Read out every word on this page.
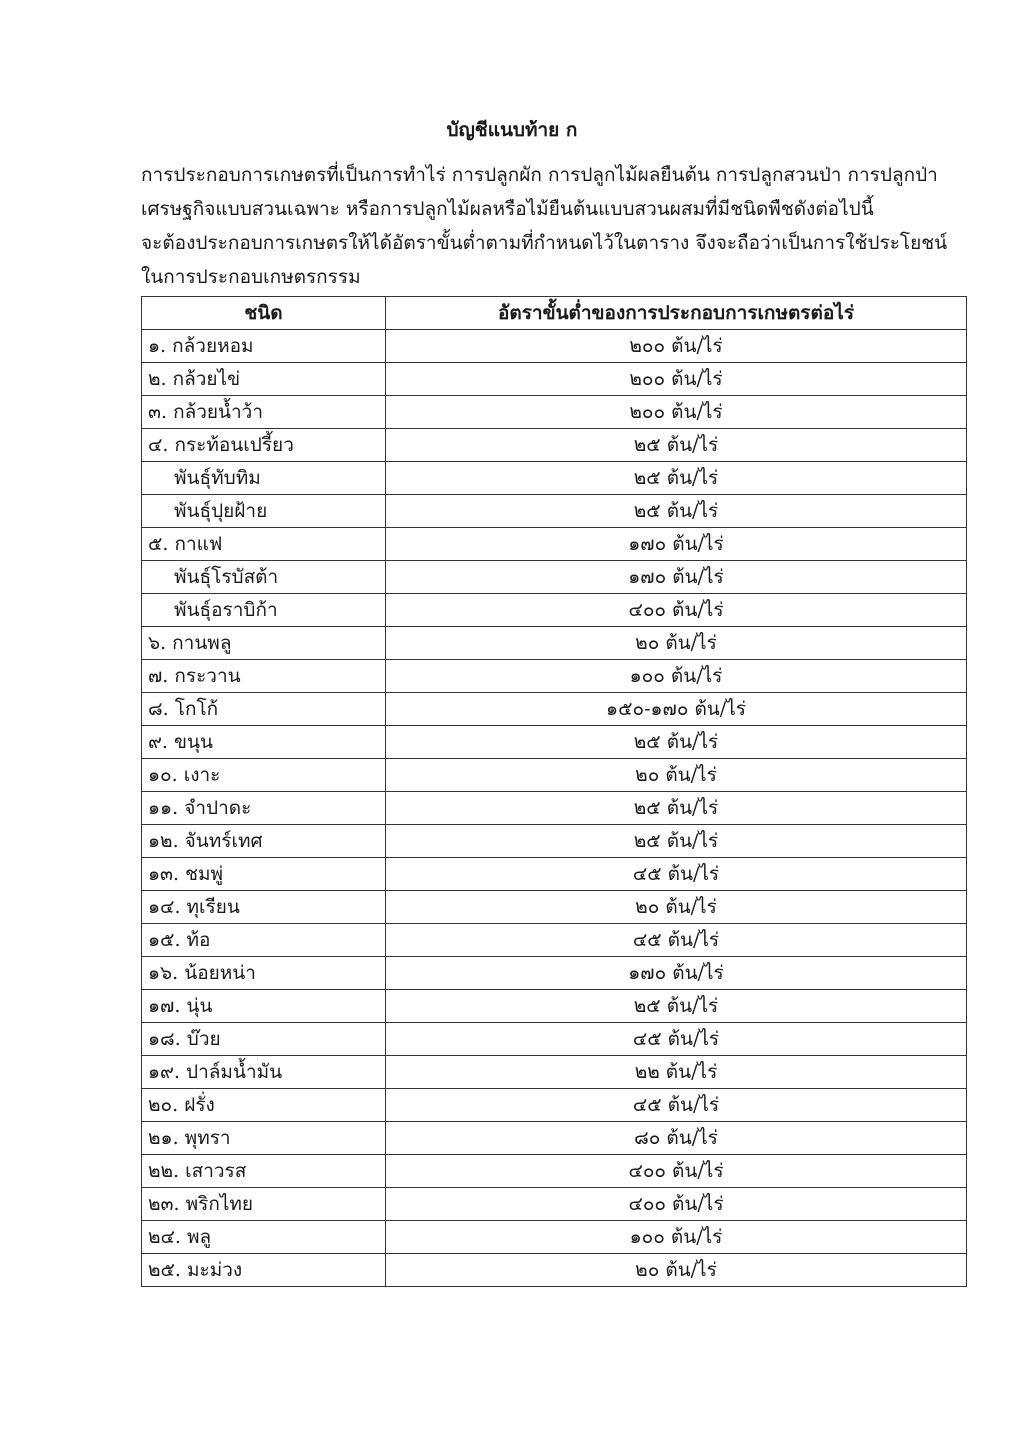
บัญชีแนบท้าย ก
การประกอบการเกษตรที่เป็นการทำไร่ การปลูกผัก การปลูกไม้ผลยืนต้น การปลูกสวนป่า การปลูกป่า
เศรษฐกิจแบบสวนเฉพาะ หรือการปลูกไม้ผลหรือไม้ยืนต้นแบบสวนผสมที่มีชนิดพืชดังต่อไปนี้
จะต้องประกอบการเกษตรให้ได้อัตราขั้นต่ำตามที่กำหนดไว้ในตาราง จึงจะถือว่าเป็นการใช้ประโยชน์
ในการประกอบเกษตรกรรม
ชนิด	อัตราขั้นต่ำของการประกอบการเกษตรต่อไร่
๑. กล้วยหอม	๒๐๐ ต้น/ไร่
๒. กล้วยไข่	๒๐๐ ต้น/ไร่
๓. กล้วยน้ำว้า	๒๐๐ ต้น/ไร่
๔. กระท้อนเปรี้ยว	๒๕ ต้น/ไร่
พันธุ์ทับทิม	๒๕ ต้น/ไร่
พันธุ์ปุยฝ้าย	๒๕ ต้น/ไร่
๕. กาแฟ	๑๗๐ ต้น/ไร่
พันธุ์โรบัสต้า	๑๗๐ ต้น/ไร่
พันธุ์อราบิก้า	๔๐๐ ต้น/ไร่
๖. กานพลู	๒๐ ต้น/ไร่
๗. กระวาน	๑๐๐ ต้น/ไร่
๘. โกโก้	๑๕๐-๑๗๐ ต้น/ไร่
๙. ขนุน	๒๕ ต้น/ไร่
๑๐. เงาะ	๒๐ ต้น/ไร่
๑๑. จำปาดะ	๒๕ ต้น/ไร่
๑๒. จันทร์เทศ	๒๕ ต้น/ไร่
๑๓. ชมพู่	๔๕ ต้น/ไร่
๑๔. ทุเรียน	๒๐ ต้น/ไร่
๑๕. ท้อ	๔๕ ต้น/ไร่
๑๖. น้อยหน่า	๑๗๐ ต้น/ไร่
๑๗. นุ่น	๒๕ ต้น/ไร่
๑๘. บ๊วย	๔๕ ต้น/ไร่
๑๙. ปาล์มน้ำมัน	๒๒ ต้น/ไร่
๒๐. ฝรั่ง	๔๕ ต้น/ไร่
๒๑. พุทรา	๘๐ ต้น/ไร่
๒๒. เสาวรส	๔๐๐ ต้น/ไร่
๒๓. พริกไทย	๔๐๐ ต้น/ไร่
๒๔. พลู	๑๐๐ ต้น/ไร่
๒๕. มะม่วง	๒๐ ต้น/ไร่
